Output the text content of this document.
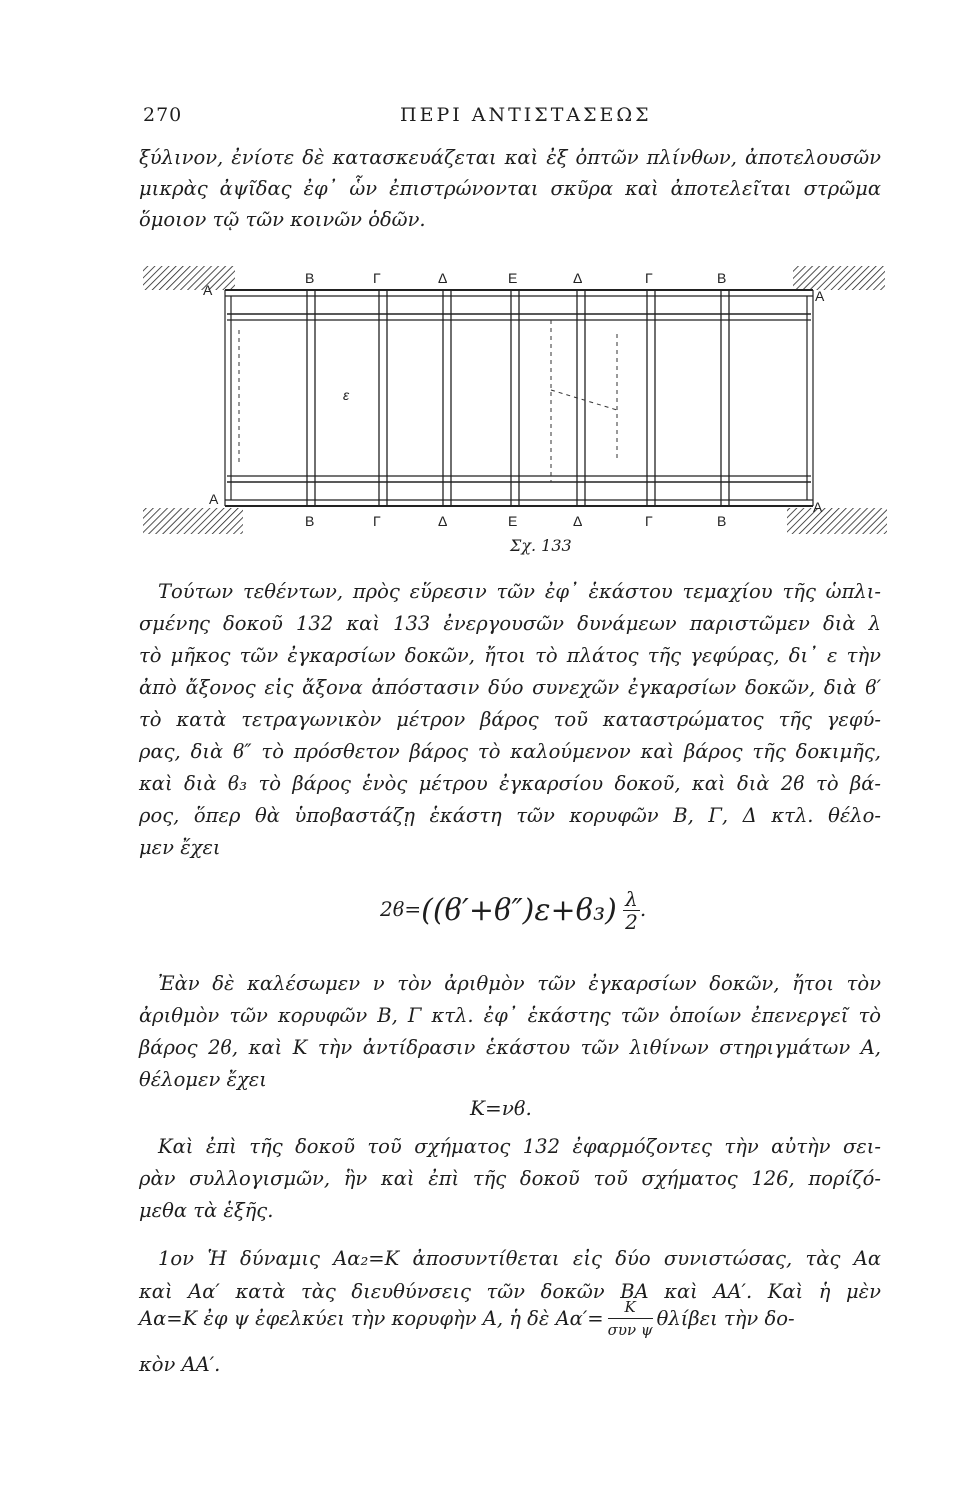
270	ΠΕΡΙ ΑΝΤΙΣΤΑΣΕΩΣ
ξύλινον, ἐνίοτε δὲ κατασκευάζεται καὶ ἐξ ὀπτῶν πλίνθων, ἀποτελουσῶν
μικρὰς ἀψῖδας ἐφ᾽ ὧν ἐπιστρώνονται σκῦρα καὶ ἀποτελεῖται στρῶμα
ὅμοιον τῷ τῶν κοινῶν ὁδῶν.
Β	Γ	Δ	Ε	Δ	Γ	Β
Α	Α
Α	Α
ε
Β	Γ	Δ	Ε	Δ	Γ	Β
Σχ. 133
Τούτων τεθέντων, πρὸς εὕρεσιν τῶν ἐφ᾽ ἑκάστου τεμαχίου τῆς ὡπλι-
σμένης δοκοῦ 132 καὶ 133 ἐνεργουσῶν δυνάμεων παριστῶμεν διὰ λ
τὸ μῆκος τῶν ἐγκαρσίων δοκῶν, ἤτοι τὸ πλάτος τῆς γεφύρας, δι᾽ ε τὴν
ἀπὸ ἄξονος εἰς ἄξονα ἀπόστασιν δύο συνεχῶν ἐγκαρσίων δοκῶν, διὰ ϐ′
τὸ κατὰ τετραγωνικὸν μέτρον βάρος τοῦ καταστρώματος τῆς γεφύ-
ρας, διὰ ϐ″ τὸ πρόσθετον βάρος τὸ καλούμενον καὶ βάρος τῆς δοκιμῆς,
καὶ διὰ ϐ₃ τὸ βάρος ἑνὸς μέτρου ἐγκαρσίου δοκοῦ, καὶ διὰ 2ϐ τὸ βά-
ρος, ὅπερ θὰ ὑποβαστάζῃ ἑκάστη τῶν κορυφῶν Β, Γ, Δ κτλ. θέλο-
μεν ἔχει
$2ϐ=((ϐ'+ϐ'')\varepsilon+ϐ_3) \frac{\lambda}{2}$ .
Ἐὰν δὲ καλέσωμεν ν τὸν ἀριθμὸν τῶν ἐγκαρσίων δοκῶν, ἤτοι τὸν
ἀριθμὸν τῶν κορυφῶν Β, Γ κτλ. ἐφ᾽ ἑκάστης τῶν ὁποίων ἐπενεργεῖ τὸ
βάρος 2ϐ, καὶ Κ τὴν ἀντίδρασιν ἑκάστου τῶν λιθίνων στηριγμάτων Α,
θέλομεν ἔχει
Κ=νϐ.
Καὶ ἐπὶ τῆς δοκοῦ τοῦ σχήματος 132 ἐφαρμόζοντες τὴν αὐτὴν σει-
ρὰν συλλογισμῶν, ἣν καὶ ἐπὶ τῆς δοκοῦ τοῦ σχήματος 126, πορίζό-
μεθα τὰ ἑξῆς.
1ον Ἡ δύναμις Αα₂=Κ ἀποσυντίθεται εἰς δύο συνιστώσας, τὰς Αα
καὶ Αα′ κατὰ τὰς διευθύνσεις τῶν δοκῶν ΒΑ καὶ ΑΑ′. Καὶ ἡ μὲν
Αα=Κ ἐφ ψ ἐφελκύει τὴν κορυφὴν Α, ἡ δὲ $A\alpha'= \frac{K}{\text{συν ψ}}$ θλίβει τὴν δο-
κὸν ΑΑ′.
